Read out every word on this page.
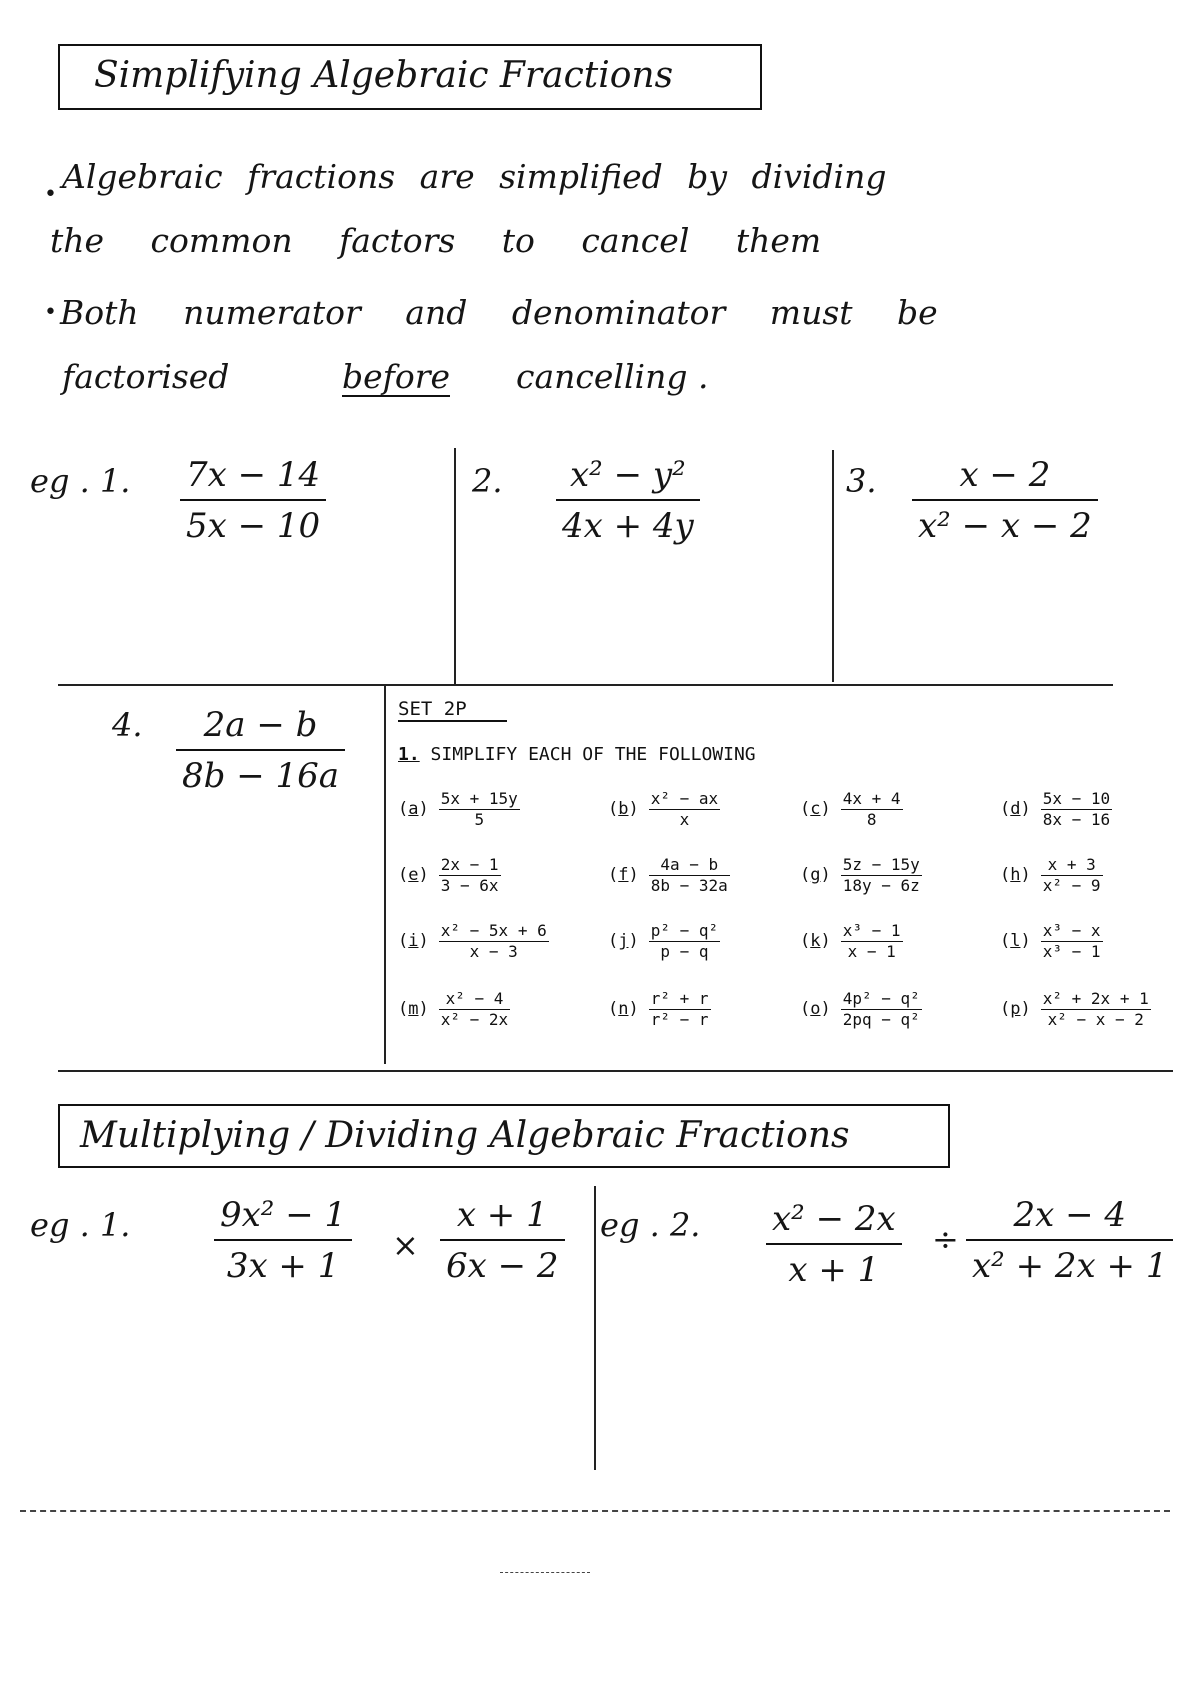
Simplifying Algebraic Fractions
• Algebraic fractions are simplified by dividing
the common factors to cancel them
• Both numerator and denominator must be
factorised	before cancelling .
eg . 1. 7x − 14
5x − 10
2. x² − y²
4x + 4y
3. x − 2
x² − x − 2
4. 2a − b
8b − 16a
SET 2P
1. SIMPLIFY EACH OF THE FOLLOWING
$(a) \frac{5x + 15y}{5}$	$(b) \frac{\text{x² − ax}}{x}$	$(c) \frac{4x + 4}{8}$	$(d) \frac{5x - 10}{8x - 16}$
$(e) \frac{2x - 1}{3 - 6x}$	$(f) \frac{4a - b}{8b - 32a}$	$(g) \frac{5z - 15y}{18y - 6z}$	$(h) \frac{x + 3}{\text{x² − 9}}$
$(i) \frac{\text{x² − 5x + 6}}{x - 3}$	$(j) \frac{\text{p² − q²}}{p - q}$	$(k) \frac{\text{x³ − 1}}{x - 1}$	$(l) \frac{\text{x³ − x}}{\text{x³ − 1}}$
$(m) \frac{\text{x² − 4}}{\text{x² − 2x}}$	$(n) \frac{\text{r² + r}}{\text{r² − r}}$	$(o) \frac{\text{4p² − q²}}{\text{2pq − q²}}$	$(p) \frac{\text{x² + 2x + 1}}{\text{x² − x − 2}}$
Multiplying / Dividing Algebraic Fractions
eg . 1.	9x² − 1
3x + 1
×
x + 1
6x − 2
eg . 2. x² − 2x
x + 1
÷
2x − 4
x² + 2x + 1
